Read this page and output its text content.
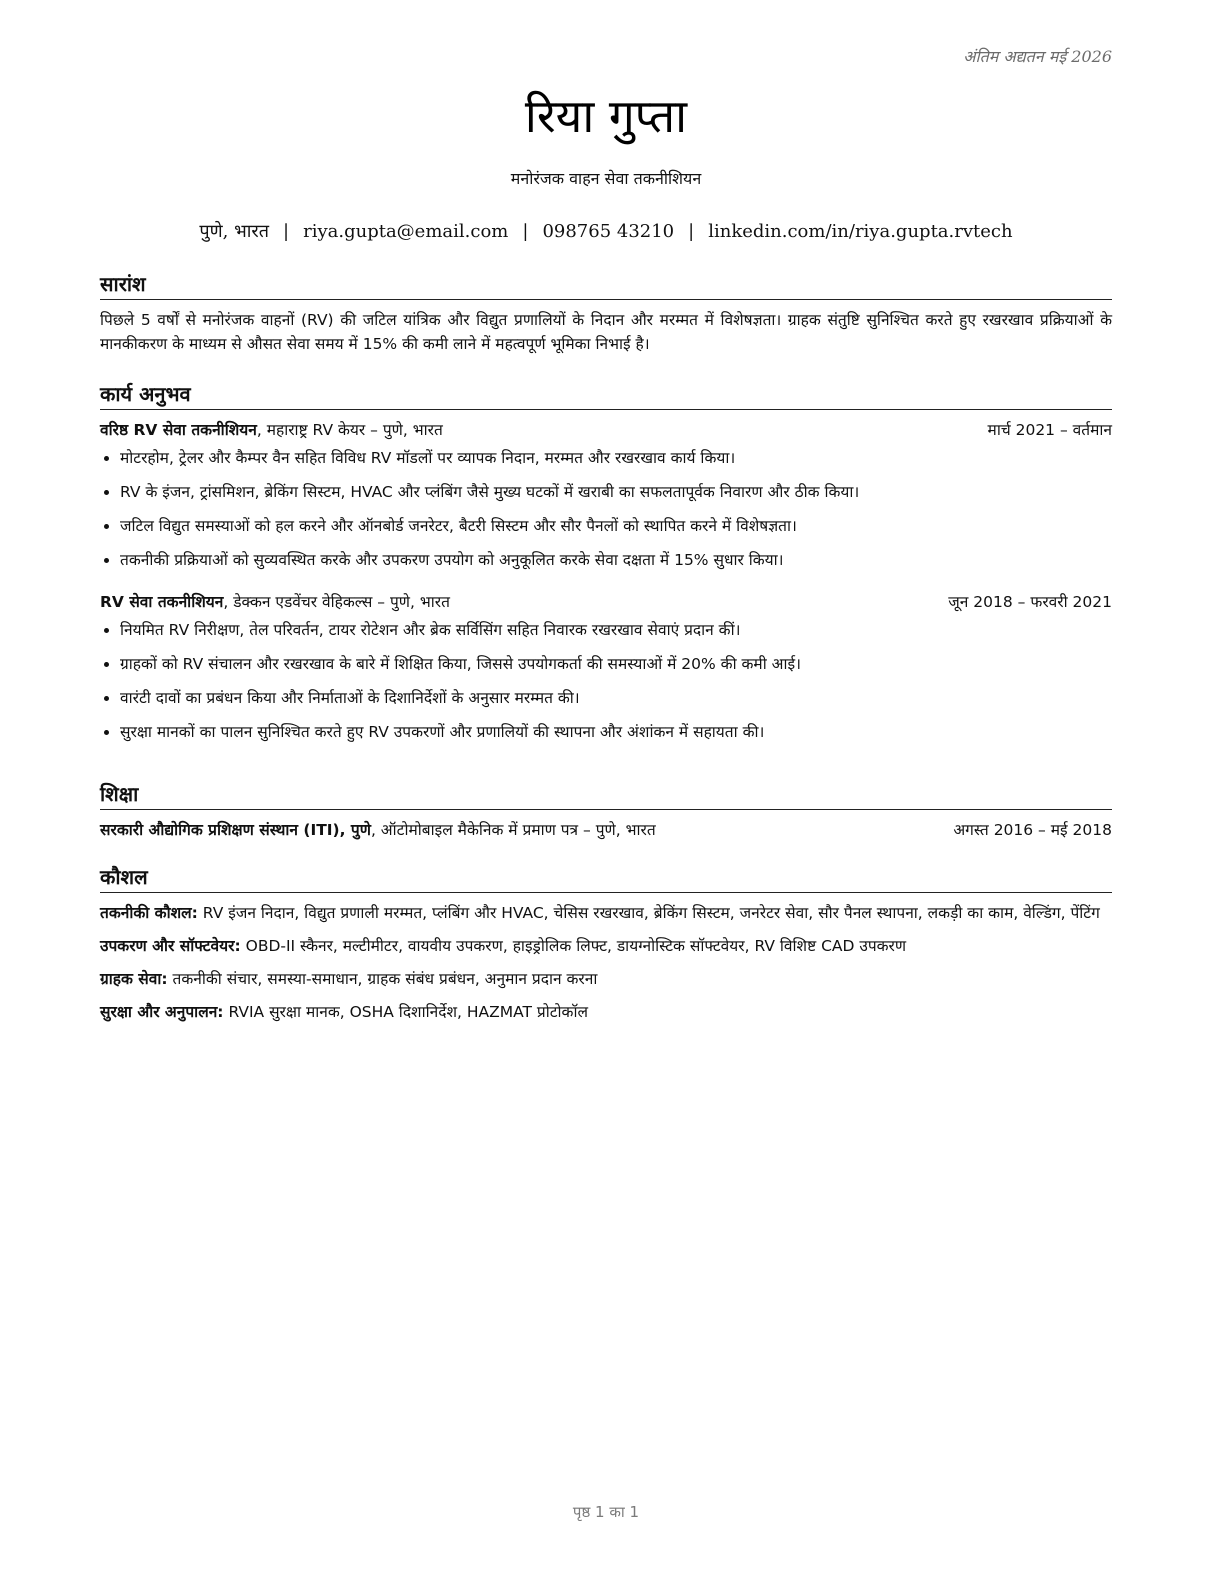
अंतिम अद्यतन मई 2026
रिया गुप्ता
मनोरंजक वाहन सेवा तकनीशियन
पुणे, भारत | riya.gupta@email.com | 098765 43210 | linkedin.com/in/riya.gupta.rvtech
सारांश
पिछले 5 वर्षों से मनोरंजक वाहनों (RV) की जटिल यांत्रिक और विद्युत प्रणालियों के निदान और मरम्मत में विशेषज्ञता। ग्राहक संतुष्टि सुनिश्चित करते हुए रखरखाव प्रक्रियाओं के मानकीकरण के माध्यम से औसत सेवा समय में 15% की कमी लाने में महत्वपूर्ण भूमिका निभाई है।
कार्य अनुभव
वरिष्ठ RV सेवा तकनीशियन, महाराष्ट्र RV केयर – पुणे, भारत	मार्च 2021 – वर्तमान
• मोटरहोम, ट्रेलर और कैम्पर वैन सहित विविध RV मॉडलों पर व्यापक निदान, मरम्मत और रखरखाव कार्य किया।
• RV के इंजन, ट्रांसमिशन, ब्रेकिंग सिस्टम, HVAC और प्लंबिंग जैसे मुख्य घटकों में खराबी का सफलतापूर्वक निवारण और ठीक किया।
• जटिल विद्युत समस्याओं को हल करने और ऑनबोर्ड जनरेटर, बैटरी सिस्टम और सौर पैनलों को स्थापित करने में विशेषज्ञता।
• तकनीकी प्रक्रियाओं को सुव्यवस्थित करके और उपकरण उपयोग को अनुकूलित करके सेवा दक्षता में 15% सुधार किया।
RV सेवा तकनीशियन, डेक्कन एडवेंचर वेहिकल्स – पुणे, भारत	जून 2018 – फरवरी 2021
• नियमित RV निरीक्षण, तेल परिवर्तन, टायर रोटेशन और ब्रेक सर्विसिंग सहित निवारक रखरखाव सेवाएं प्रदान कीं।
• ग्राहकों को RV संचालन और रखरखाव के बारे में शिक्षित किया, जिससे उपयोगकर्ता की समस्याओं में 20% की कमी आई।
• वारंटी दावों का प्रबंधन किया और निर्माताओं के दिशानिर्देशों के अनुसार मरम्मत की।
• सुरक्षा मानकों का पालन सुनिश्चित करते हुए RV उपकरणों और प्रणालियों की स्थापना और अंशांकन में सहायता की।
शिक्षा
सरकारी औद्योगिक प्रशिक्षण संस्थान (ITI), पुणे, ऑटोमोबाइल मैकेनिक में प्रमाण पत्र – पुणे, भारत	अगस्त 2016 – मई 2018
कौशल
तकनीकी कौशल: RV इंजन निदान, विद्युत प्रणाली मरम्मत, प्लंबिंग और HVAC, चेसिस रखरखाव, ब्रेकिंग सिस्टम, जनरेटर सेवा, सौर पैनल स्थापना, लकड़ी का काम, वेल्डिंग, पेंटिंग
उपकरण और सॉफ्टवेयर: OBD-II स्कैनर, मल्टीमीटर, वायवीय उपकरण, हाइड्रोलिक लिफ्ट, डायग्नोस्टिक सॉफ्टवेयर, RV विशिष्ट CAD उपकरण
ग्राहक सेवा: तकनीकी संचार, समस्या-समाधान, ग्राहक संबंध प्रबंधन, अनुमान प्रदान करना
सुरक्षा और अनुपालन: RVIA सुरक्षा मानक, OSHA दिशानिर्देश, HAZMAT प्रोटोकॉल
पृष्ठ 1 का 1
